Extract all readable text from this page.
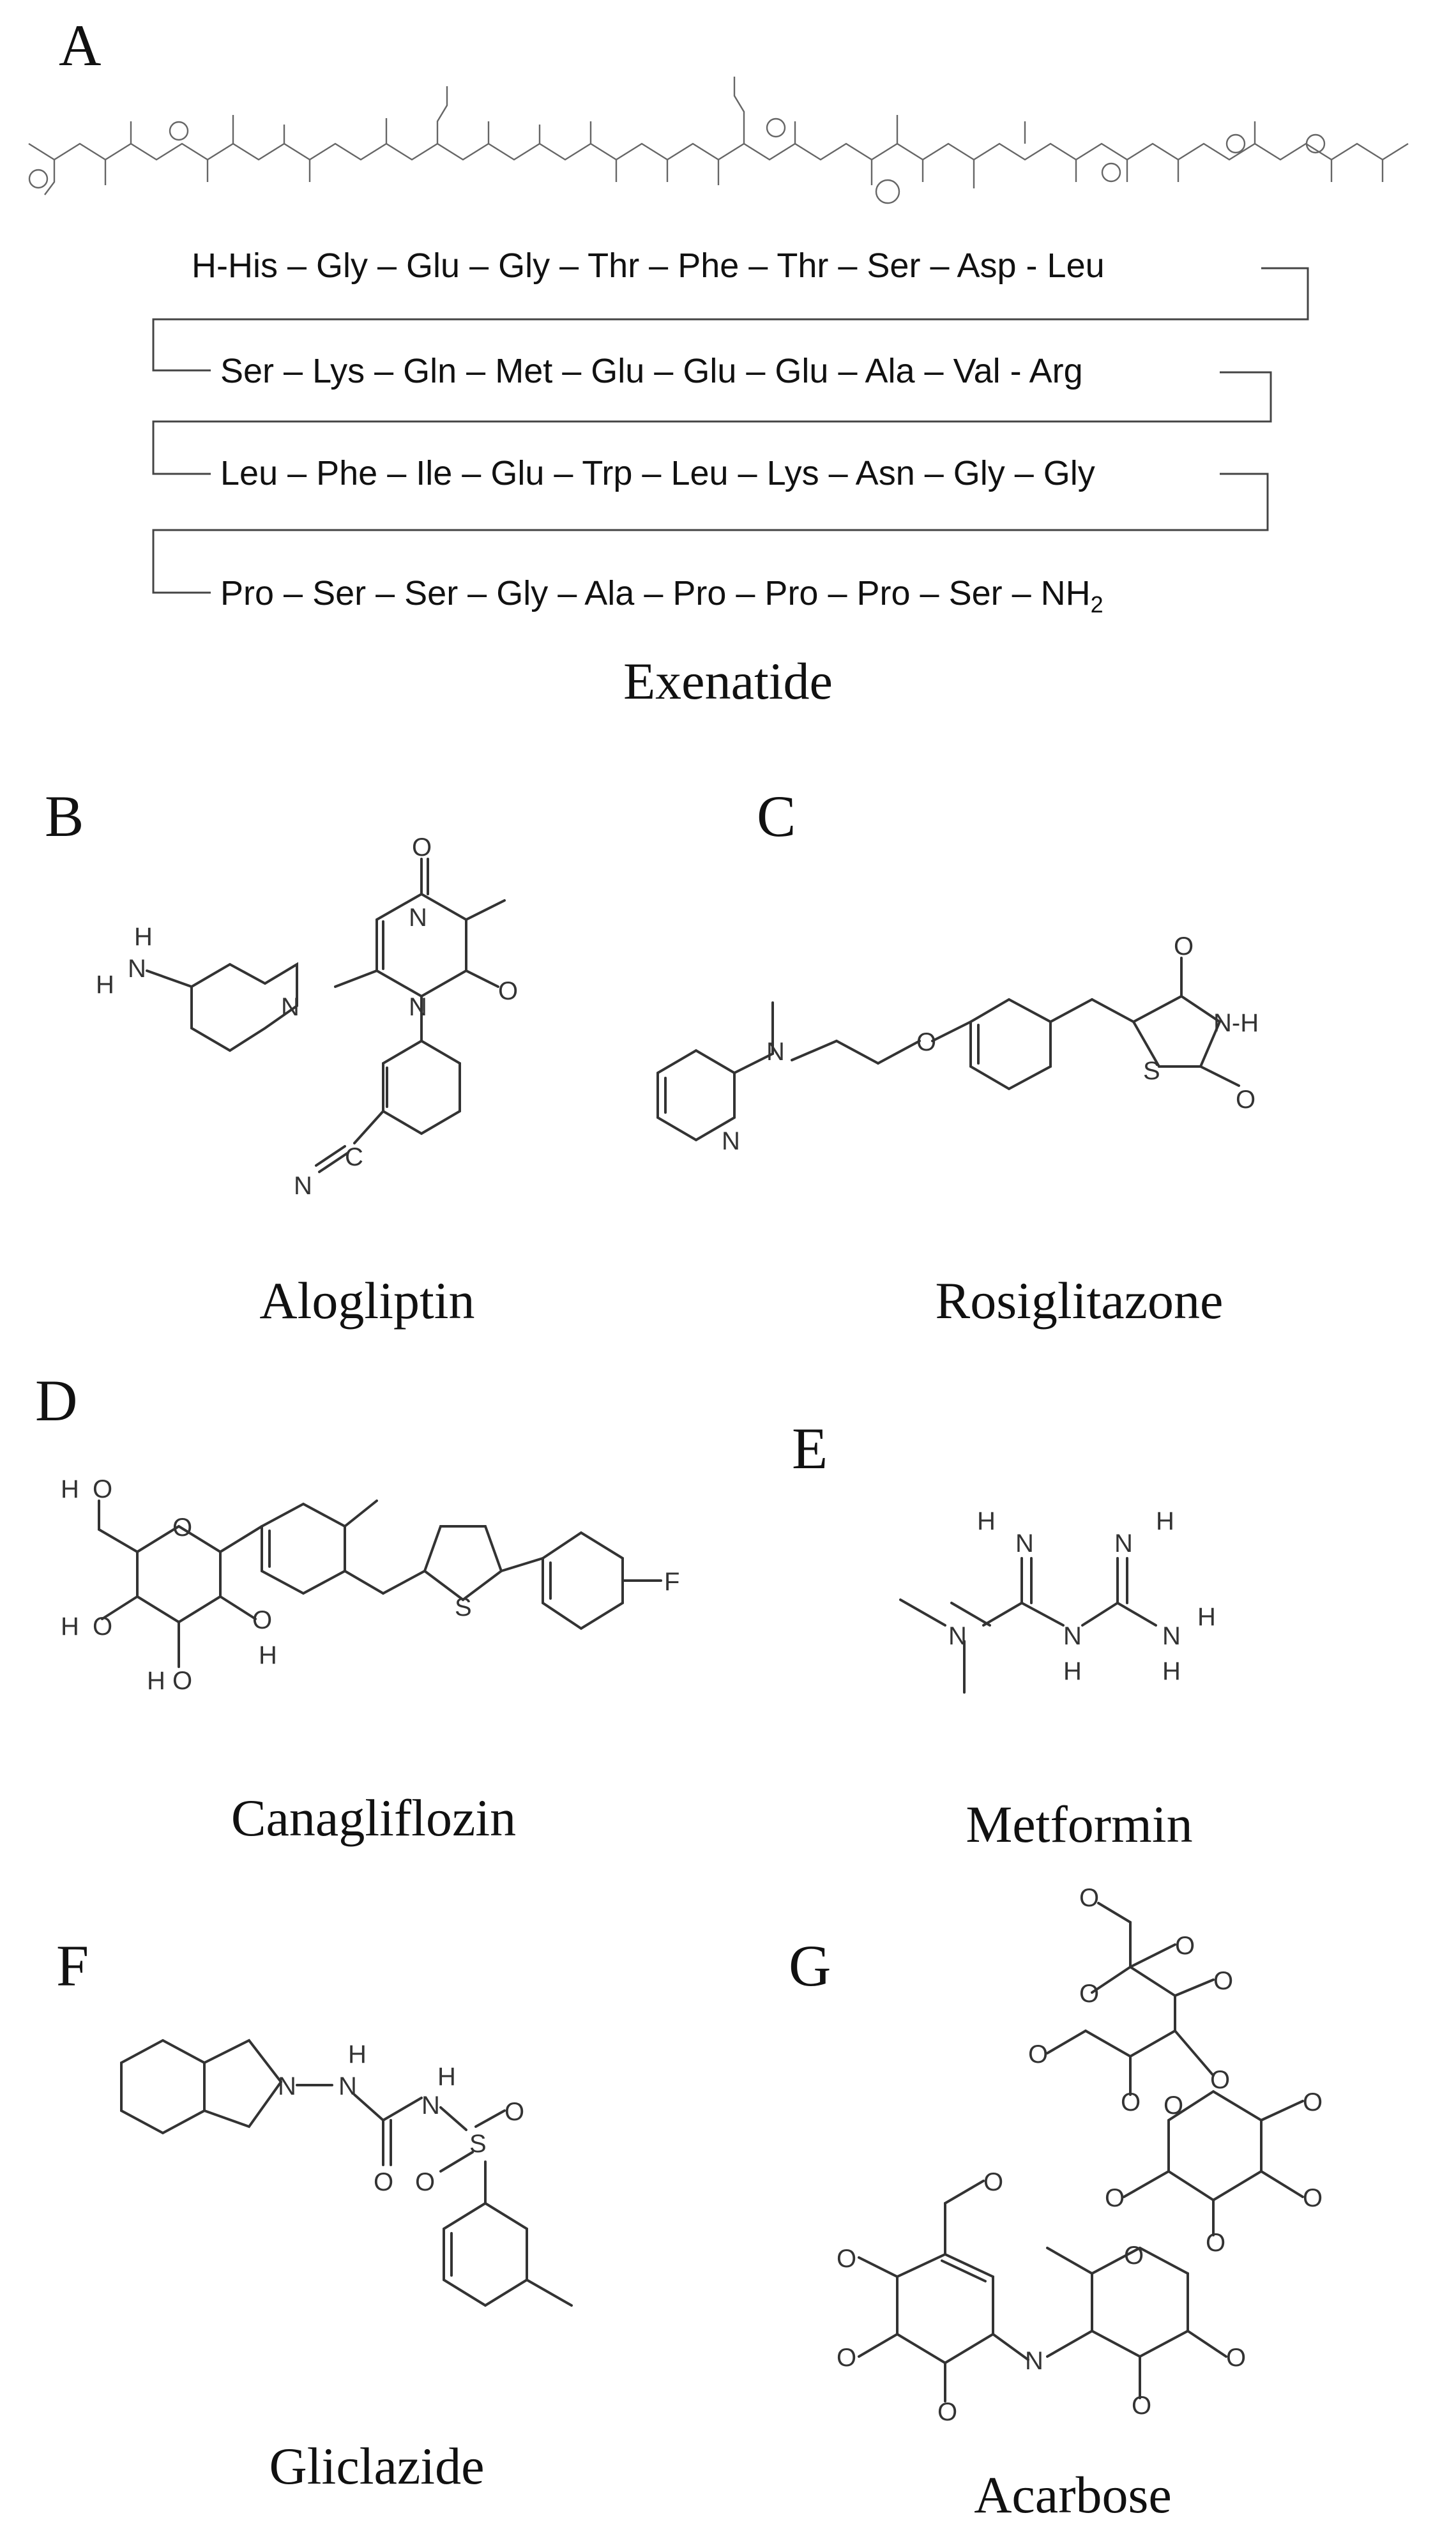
A
B	C
D
E
F	G
H-His – Gly – Glu – Gly – Thr – Phe – Thr – Ser – Asp - Leu
Ser – Lys – Gln – Met – Glu – Glu – Glu – Ala – Val - Arg
Leu – Phe – Ile – Glu – Trp – Leu – Lys – Asn – Gly – Gly
Pro – Ser – Ser – Gly – Ala – Pro – Pro – Pro – Ser – $NH_2$
Exenatide
Alogliptin	Rosiglitazone
Canagliflozin	Metformin
Gliclazide	Acarbose
O
N
N
O
N
N
H
H
N
C
N
N	O
O
N-H
S
O
O
H O
H O
H O
O
H
S
F
N
N
H
N
H
N
H
N
H
H
N N
H
O
N
H
S
O
O
O
O	O
O
O
O
O
O	O
O
O
O
O
O
O
N
O
O
O
O
